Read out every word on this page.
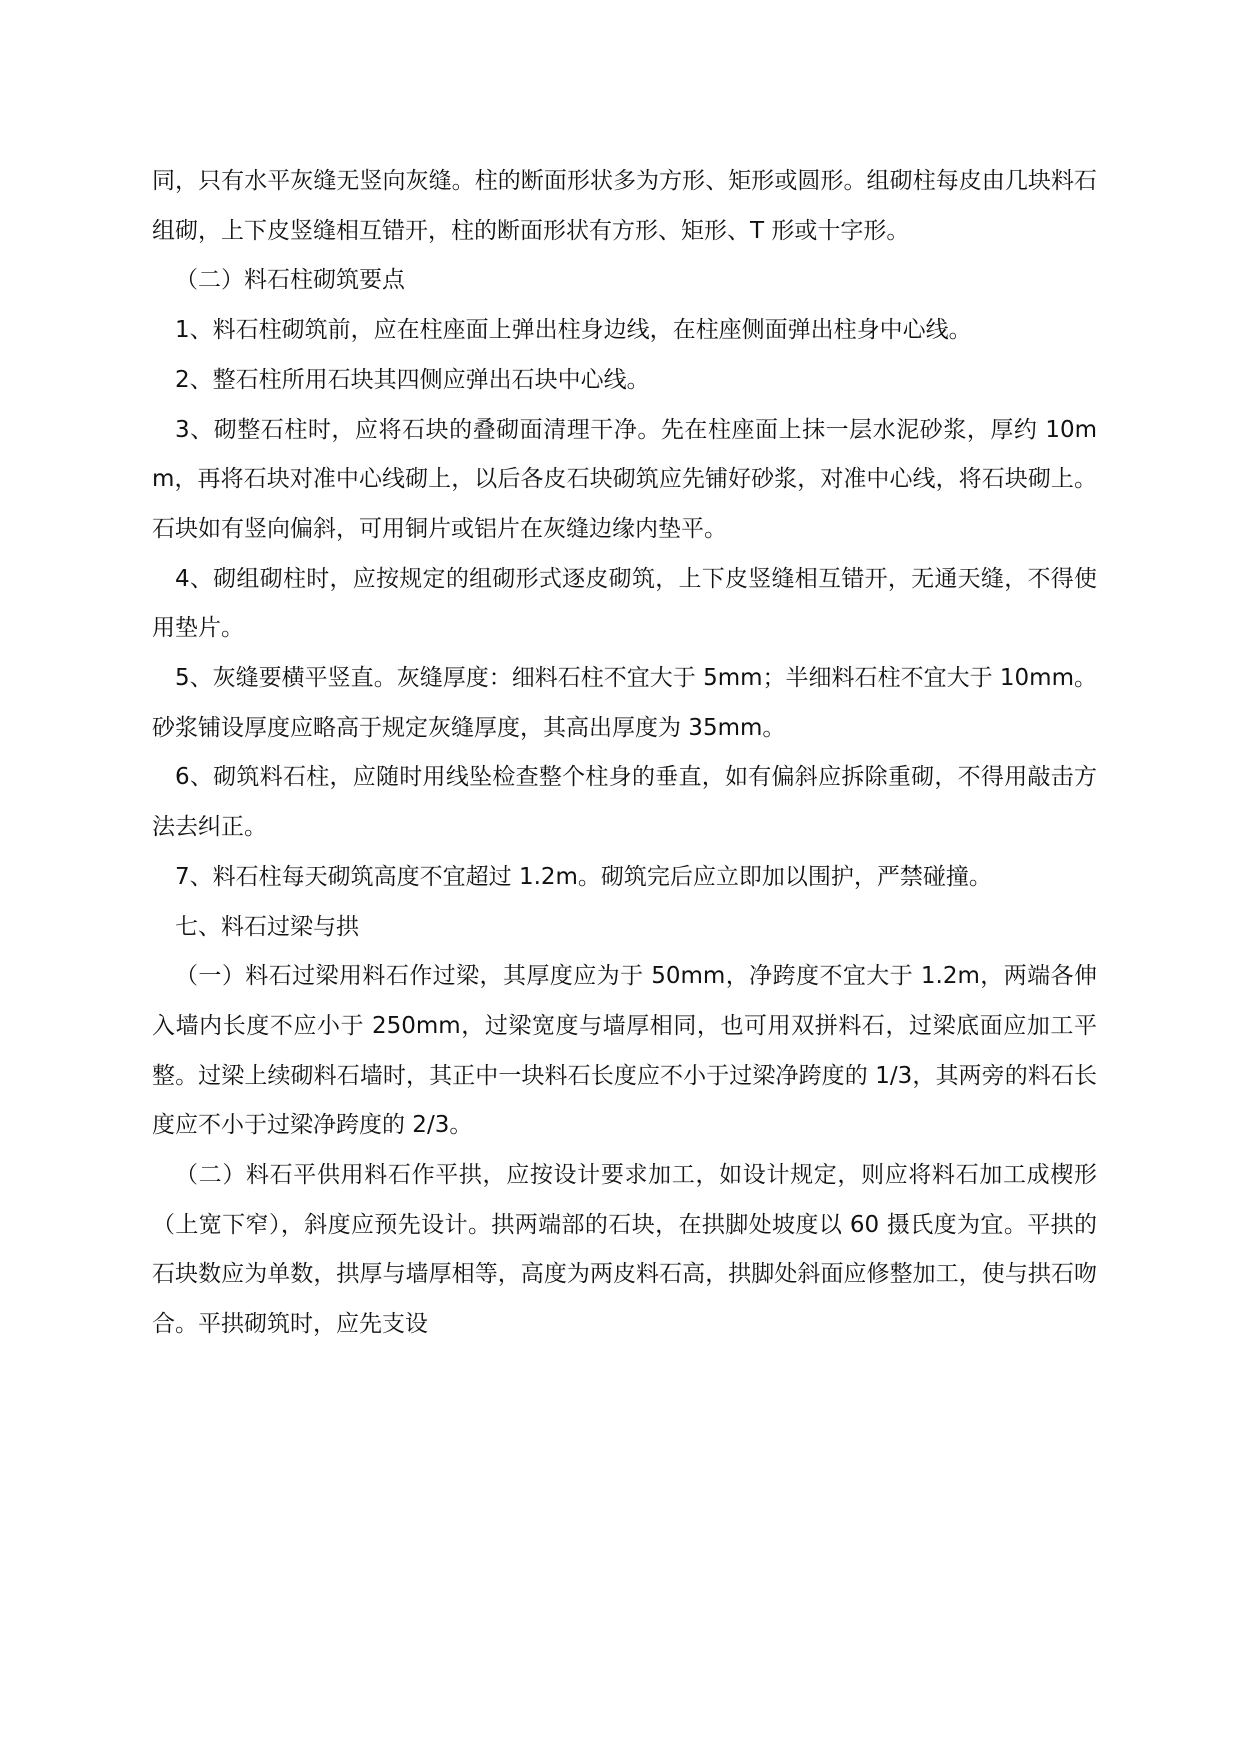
同，只有水平灰缝无竖向灰缝。柱的断面形状多为方形、矩形或圆形。组砌柱每皮由几块料石组砌，上下皮竖缝相互错开，柱的断面形状有方形、矩形、T 形或十字形。

（二）料石柱砌筑要点

1、料石柱砌筑前，应在柱座面上弹出柱身边线，在柱座侧面弹出柱身中心线。

2、整石柱所用石块其四侧应弹出石块中心线。

3、砌整石柱时，应将石块的叠砌面清理干净。先在柱座面上抹一层水泥砂浆，厚约 10mm，再将石块对准中心线砌上，以后各皮石块砌筑应先铺好砂浆，对准中心线，将石块砌上。石块如有竖向偏斜，可用铜片或铝片在灰缝边缘内垫平。

4、砌组砌柱时，应按规定的组砌形式逐皮砌筑，上下皮竖缝相互错开，无通天缝，不得使用垫片。

5、灰缝要横平竖直。灰缝厚度：细料石柱不宜大于 5mm；半细料石柱不宜大于 10mm。砂浆铺设厚度应略高于规定灰缝厚度，其高出厚度为 35mm。

6、砌筑料石柱，应随时用线坠检查整个柱身的垂直，如有偏斜应拆除重砌，不得用敲击方法去纠正。

7、料石柱每天砌筑高度不宜超过 1.2m。砌筑完后应立即加以围护，严禁碰撞。

七、料石过梁与拱

（一）料石过梁用料石作过梁，其厚度应为于 50mm，净跨度不宜大于 1.2m，两端各伸入墙内长度不应小于 250mm，过梁宽度与墙厚相同，也可用双拼料石，过梁底面应加工平整。过梁上续砌料石墙时，其正中一块料石长度应不小于过梁净跨度的 1/3，其两旁的料石长度应不小于过梁净跨度的 2/3。

（二）料石平供用料石作平拱，应按设计要求加工，如设计规定，则应将料石加工成楔形（上宽下窄），斜度应预先设计。拱两端部的石块，在拱脚处坡度以 60 摄氏度为宜。平拱的石块数应为单数，拱厚与墙厚相等，高度为两皮料石高，拱脚处斜面应修整加工，使与拱石吻合。平拱砌筑时，应先支设
